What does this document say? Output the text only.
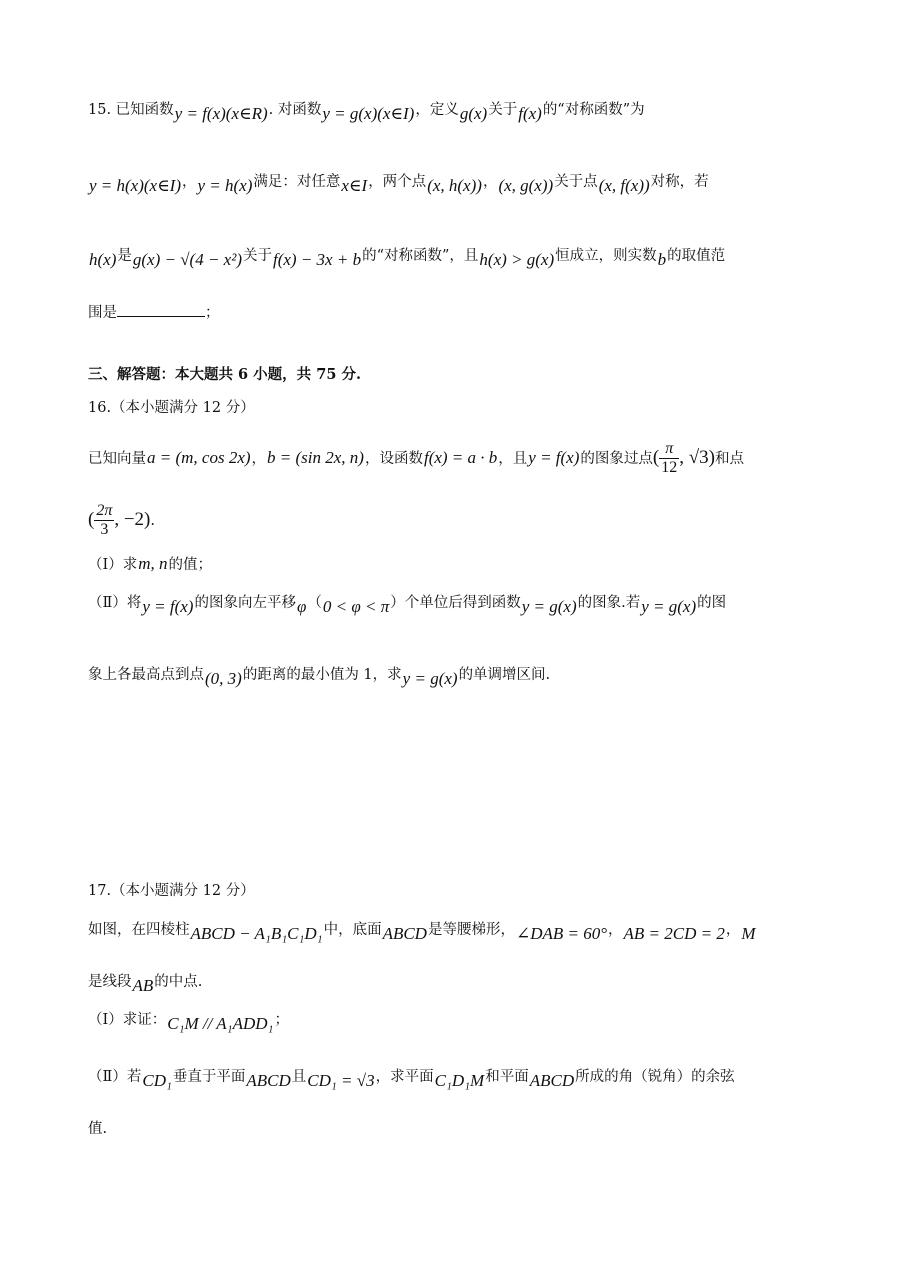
15. 已知函数y = f(x)(x∈R). 对函数y = g(x)(x∈I)，定义g(x)关于f(x)的“对称函数”为
y = h(x)(x∈I)，y = h(x)满足：对任意x∈I，两个点(x, h(x))，(x, g(x))关于点(x, f(x))对称，若
h(x)是g(x) − √(4 − x²)关于f(x) − 3x + b的“对称函数”，且h(x) > g(x)恒成立，则实数b的取值范
围是	；
三、解答题：本大题共 6 小题，共 75 分.
16.（本小题满分 12 分）
已知向量a = (m, cos 2x)，b = (sin 2x, n)，设函数f(x) = a · b，且y = f(x)的图象过点( $\frac{\pi}{12}$ , √3)和点
( $\frac{2\pi}{3}$ , −2).
（Ⅰ）求m, n的值；
（Ⅱ）将y = f(x)的图象向左平移φ（0 < φ < π）个单位后得到函数y = g(x)的图象.若y = g(x)的图
象上各最高点到点(0, 3)的距离的最小值为 1，求y = g(x)的单调增区间.
17.（本小题满分 12 分）
如图，在四棱柱ABCD − A₁B₁C₁D₁中，底面ABCD是等腰梯形，∠DAB = 60°，AB = 2CD = 2，M
是线段AB的中点.
（Ⅰ）求证：C₁M // A₁ADD₁；
（Ⅱ）若CD₁垂直于平面ABCD且CD₁ = √3，求平面C₁D₁M和平面ABCD所成的角（锐角）的余弦
值.
